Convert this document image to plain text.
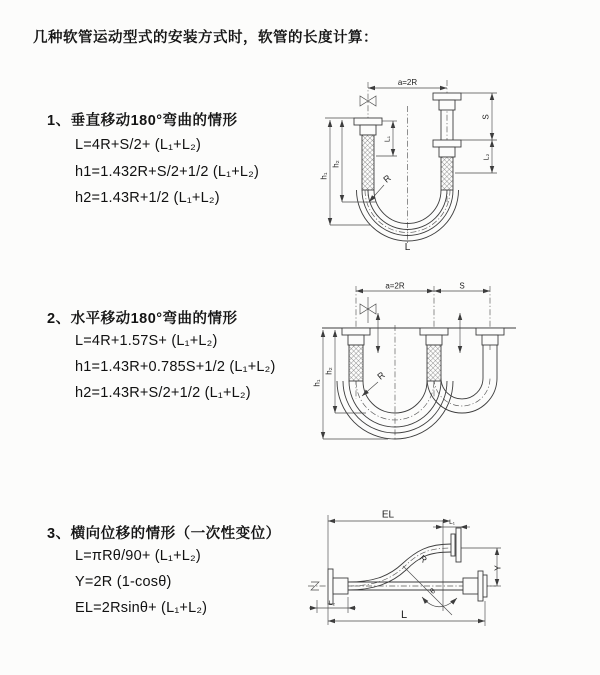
几种软管运动型式的安装方式时，软管的长度计算：
1、垂直移动180°弯曲的情形
L=4R+S/2+ (L₁+L₂)
h1=1.432R+S/2+1/2 (L₁+L₂)
h2=1.43R+1/2 (L₁+L₂)
2、水平移动180°弯曲的情形
L=4R+1.57S+ (L₁+L₂)
h1=1.43R+0.785S+1/2 (L₁+L₂)
h2=1.43R+S/2+1/2 (L₁+L₂)
3、横向位移的情形（一次性变位）
L=πRθ/90+ (L₁+L₂)
Y=2R (1-cosθ)
EL=2Rsinθ+ (L₁+L₂)
a=2R
h₁
h₂
L₁
S
L₂
R
L
a=2R	S
h₁
h₂	R
EL
L₁
Y
R
θ
L₂
L
